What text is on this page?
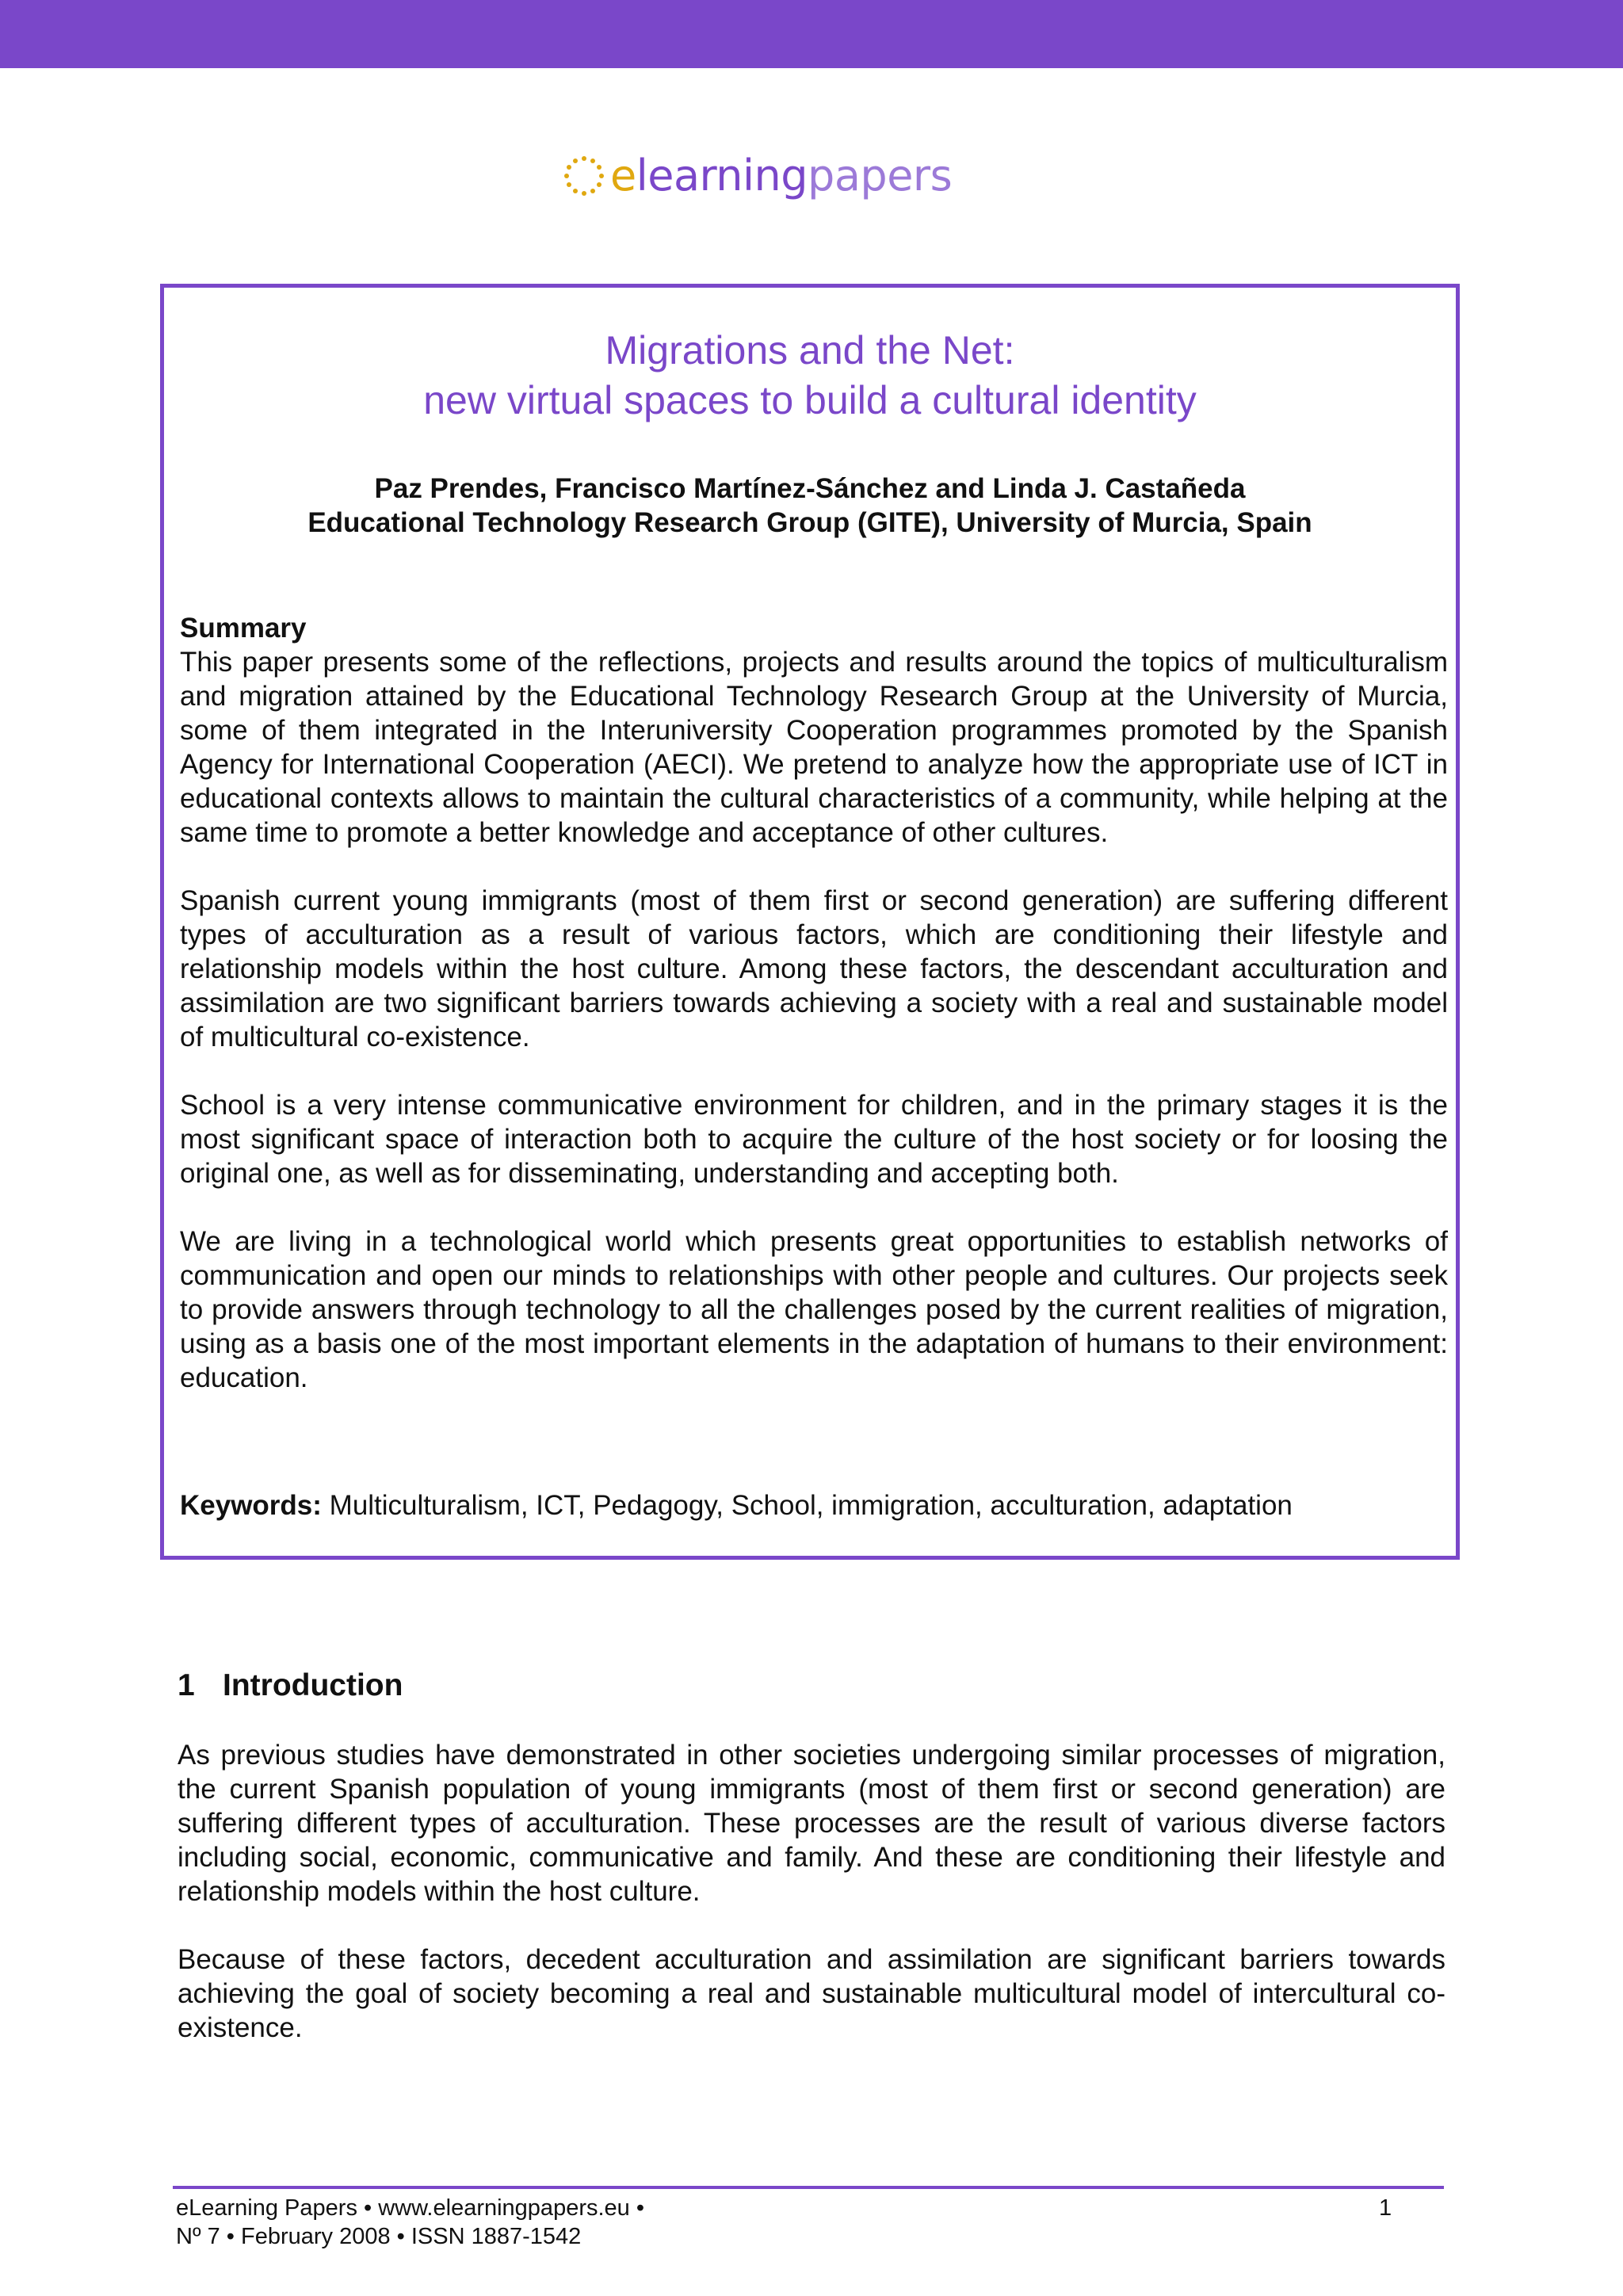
elearningpapers
Migrations and the Net:
new virtual spaces to build a cultural identity
Paz Prendes, Francisco Martínez-Sánchez and Linda J. Castañeda
Educational Technology Research Group (GITE), University of Murcia, Spain

Summary

This paper presents some of the reflections, projects and results around the topics of multiculturalism and migration attained by the Educational Technology Research Group at the University of Murcia, some of them integrated in the Interuniversity Cooperation programmes promoted by the Spanish Agency for International Cooperation (AECI). We pretend to analyze how the appropriate use of ICT in educational contexts allows to maintain the cultural characteristics of a community, while helping at the same time to promote a better knowledge and acceptance of other cultures.

Spanish current young immigrants (most of them first or second generation) are suffering different types of acculturation as a result of various factors, which are conditioning their lifestyle and relationship models within the host culture. Among these factors, the descendant acculturation and assimilation are two significant barriers towards achieving a society with a real and sustainable model of multicultural co-existence.

School is a very intense communicative environment for children, and in the primary stages it is the most significant space of interaction both to acquire the culture of the host society or for loosing the original one, as well as for disseminating, understanding and accepting both.

We are living in a technological world which presents great opportunities to establish networks of communication and open our minds to relationships with other people and cultures. Our projects seek to provide answers through technology to all the challenges posed by the current realities of migration, using as a basis one of the most important elements in the adaptation of humans to their environment: education.

Keywords: Multiculturalism, ICT, Pedagogy, School, immigration, acculturation, adaptation
1 Introduction

As previous studies have demonstrated in other societies undergoing similar processes of migration, the current Spanish population of young immigrants (most of them first or second generation) are suffering different types of acculturation. These processes are the result of various diverse factors including social, economic, communicative and family. And these are conditioning their lifestyle and relationship models within the host culture.

Because of these factors, decedent acculturation and assimilation are significant barriers towards achieving the goal of society becoming a real and sustainable multicultural model of intercultural co-existence.

eLearning Papers • www.elearningpapers.eu •
Nº 7 • February 2008 • ISSN 1887-1542
1
